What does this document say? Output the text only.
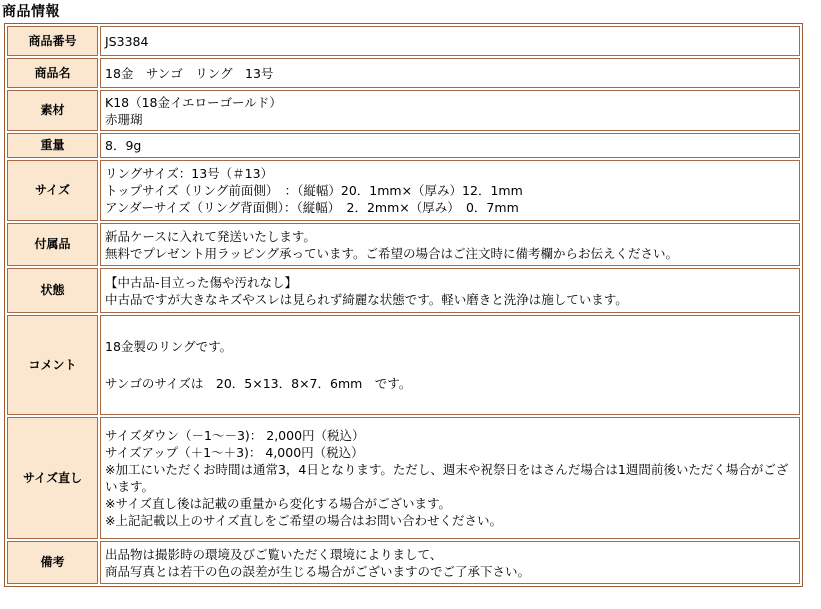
商品情報
商品番号	JS3384

商品名	18金　サンゴ　リング　13号

素材	K18（18金イエローゴールド）
赤珊瑚

重量	8．9g

サイズ	リングサイズ：13号（＃13）
トップサイズ（リング前面側）　：（縦幅）20．1mm×（厚み）12．1mm
アンダーサイズ（リング背面側）：（縦幅）　2．2mm×（厚み）　0．7mm

付属品	新品ケースに入れて発送いたします。
無料でプレゼント用ラッピング承っています。ご希望の場合はご注文時に備考欄からお伝えください。

状態	【中古品-目立った傷や汚れなし】
中古品ですが大きなキズやスレは見られず綺麗な状態です。軽い磨きと洗浄は施しています。

コメント	18金製のリングです。
サンゴのサイズは　20．5×13．8×7．6mm　です。

サイズ直し	サイズダウン（－1～－3)： 2,000円（税込）
サイズアップ（＋1～＋3)： 4,000円（税込）
※加工にいただくお時間は通常3，4日となります。ただし、週末や祝祭日をはさんだ場合は1週間前後いただく場合がございます。
※サイズ直し後は記載の重量から変化する場合がございます。
※上記記載以上のサイズ直しをご希望の場合はお問い合わせください。

備考	出品物は撮影時の環境及びご覧いただく環境によりまして、
商品写真とは若干の色の誤差が生じる場合がございますのでご了承下さい。
